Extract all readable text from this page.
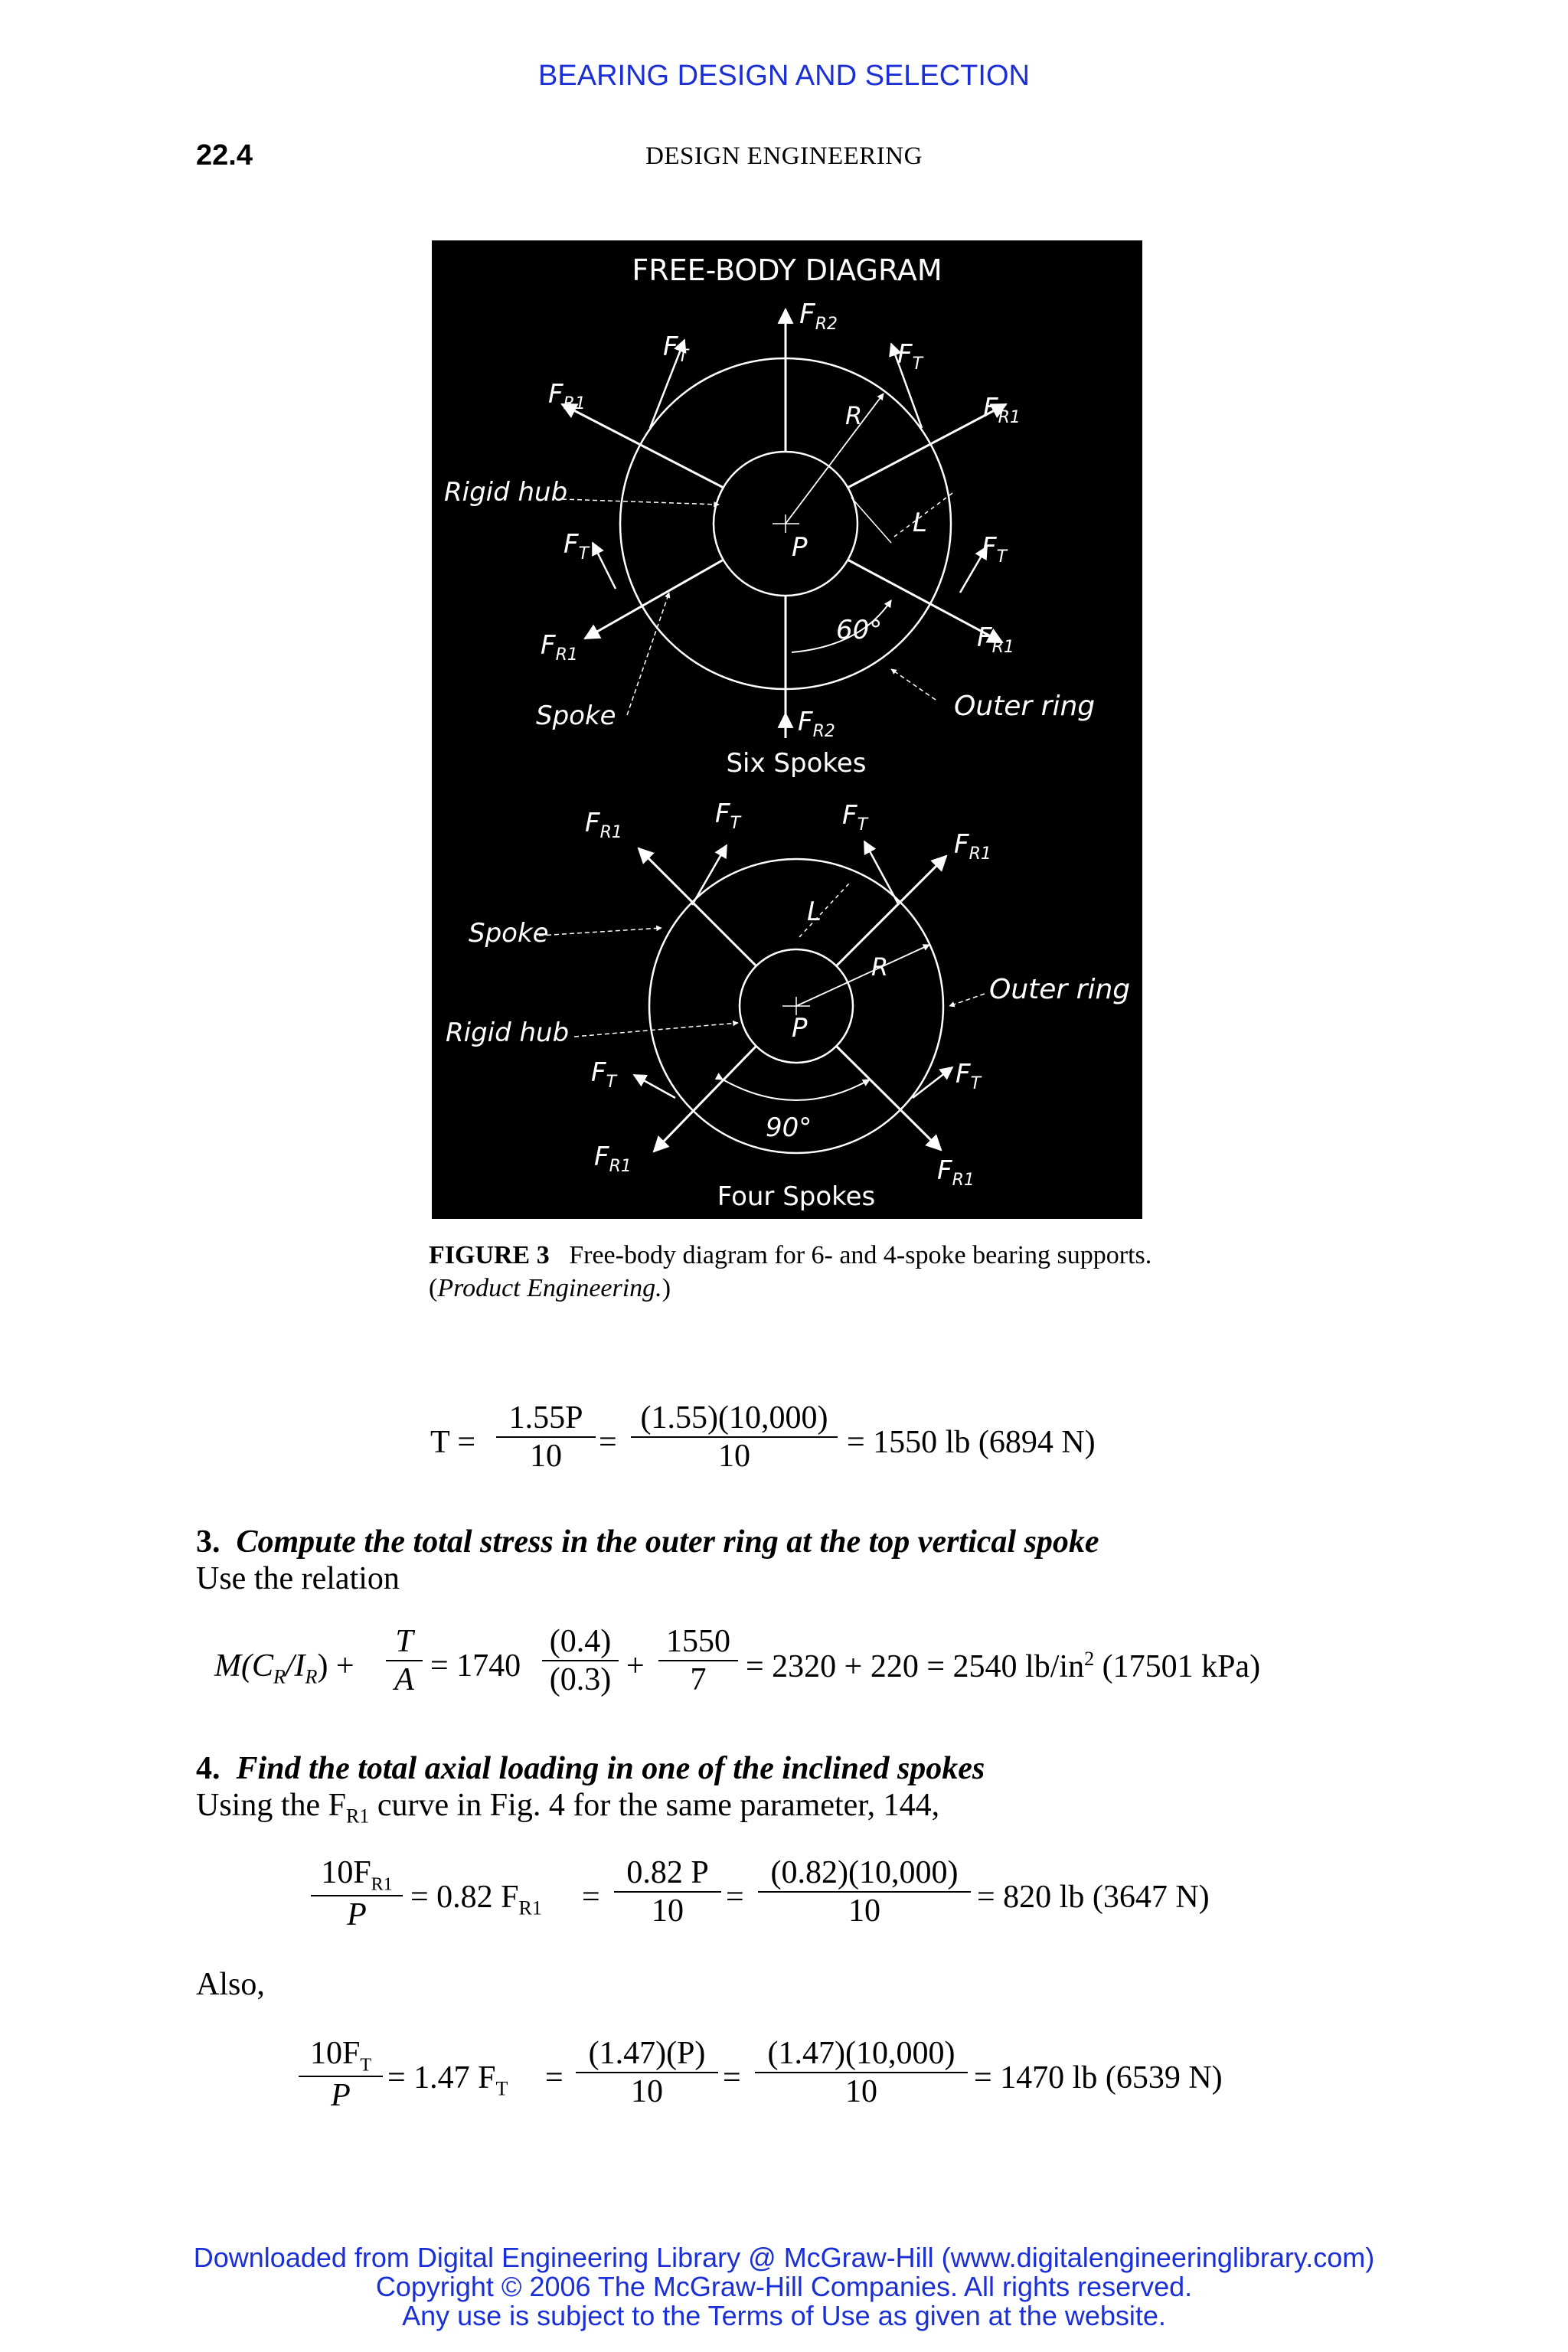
BEARING DESIGN AND SELECTION
22.4	DESIGN ENGINEERING
FREE-BODY DIAGRAM
$F_{R2}$
$F_T$	$F_T$
$F_{R1}$	$F_{R1}$
R
Rigid hub
L
P
$F_T$	$F_T$
$F_{R1}$
$F_{R1}$
60°
Spoke	$F_{R2}$
Outer ring
Six Spokes
$F_{R1}$
$F_T$	$F_T$
$F_{R1}$
L
Spoke
R
Outer ring
Rigid hub	P
$F_T$	$F_T$
90°
$F_{R1}$	$F_{R1}$
Four Spokes
FIGURE 3 Free-body diagram for 6- and 4-spoke bearing supports. (Product Engineering.)
$T = \frac{1.55P}{10} = \frac{(1.55)(10,000)}{10} = 1550$ lb (6894 N)
3. Compute the total stress in the outer ring at the top vertical spoke
Use the relation
$M(C_R/I_R) + \frac{T}{A} = 1740 \frac{(0.4)}{(0.3)} + \frac{1550}{7} = 2320 + 220 = 2540$ $lb/in^2$ (17501 kPa)
4. Find the total axial loading in one of the inclined spokes
Using the $F_{R1}$ curve in Fig. 4 for the same parameter, 144,
$\frac{10F_{R1}}{P} = 0.82$ $F_{R1} = \frac{0.82 P}{10} = \frac{(0.82)(10,000)}{10} = 820$ lb (3647 N)
Also,
$\frac{10F_T}{P} = 1.47$ $F_T = \frac{(1.47)(P)}{10} = \frac{(1.47)(10,000)}{10} = 1470$ lb (6539 N)
Downloaded from Digital Engineering Library @ McGraw-Hill (www.digitalengineeringlibrary.com)
Copyright © 2006 The McGraw-Hill Companies. All rights reserved.
Any use is subject to the Terms of Use as given at the website.
